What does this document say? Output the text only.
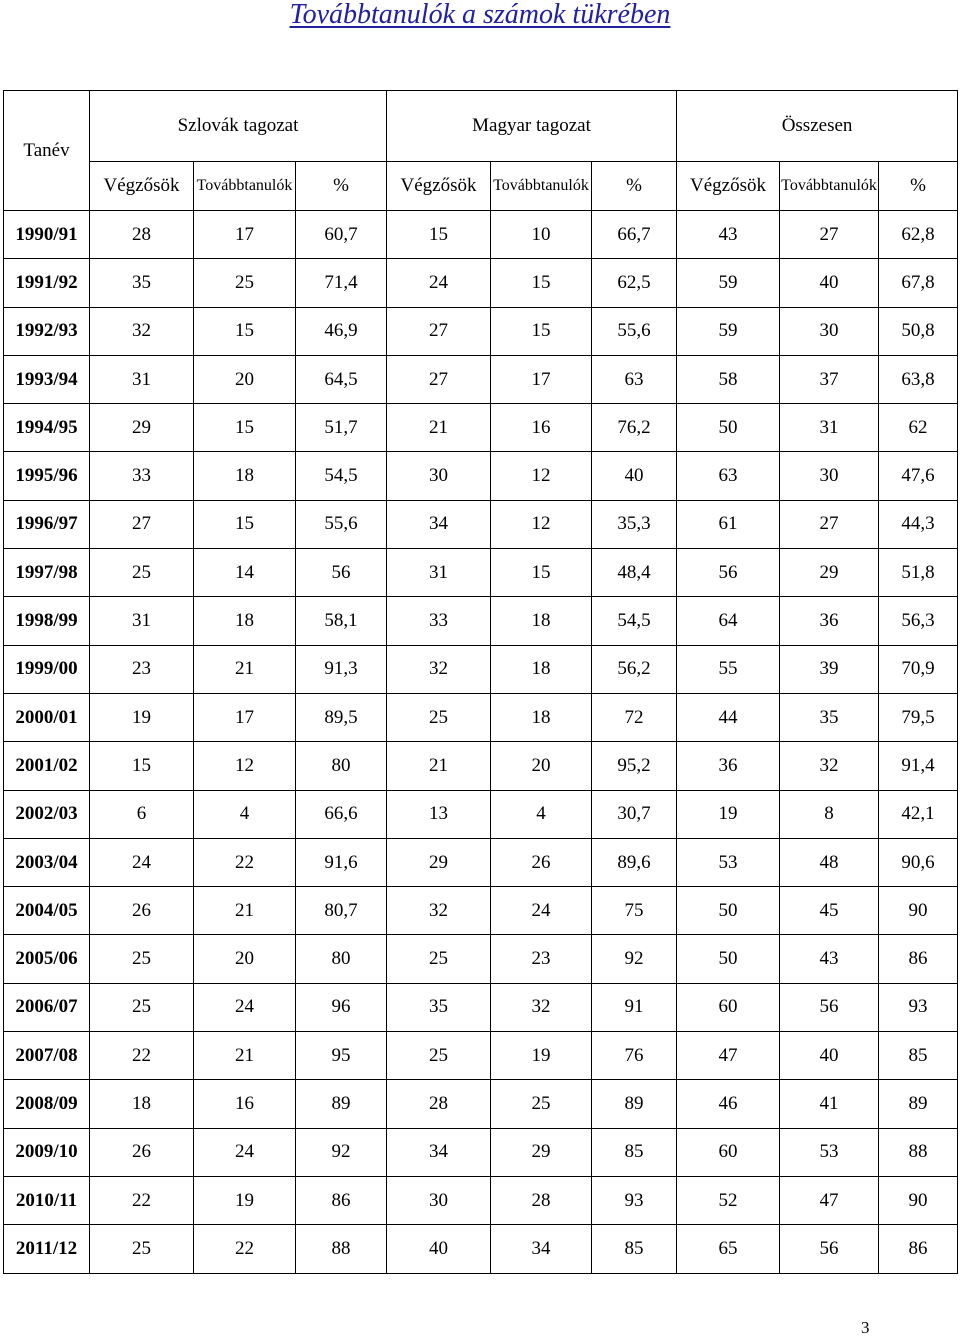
Továbbtanulók a számok tükrében
Tanév	Szlovák tagozat			Magyar tagozat			Összesen		
	Végzősök	Továbbtanulók	%	Végzősök	Továbbtanulók	%	Végzősök	Továbbtanulók	%
1990/91	28	17	60,7	15	10	66,7	43	27	62,8
1991/92	35	25	71,4	24	15	62,5	59	40	67,8
1992/93	32	15	46,9	27	15	55,6	59	30	50,8
1993/94	31	20	64,5	27	17	63	58	37	63,8
1994/95	29	15	51,7	21	16	76,2	50	31	62
1995/96	33	18	54,5	30	12	40	63	30	47,6
1996/97	27	15	55,6	34	12	35,3	61	27	44,3
1997/98	25	14	56	31	15	48,4	56	29	51,8
1998/99	31	18	58,1	33	18	54,5	64	36	56,3
1999/00	23	21	91,3	32	18	56,2	55	39	70,9
2000/01	19	17	89,5	25	18	72	44	35	79,5
2001/02	15	12	80	21	20	95,2	36	32	91,4
2002/03	6	4	66,6	13	4	30,7	19	8	42,1
2003/04	24	22	91,6	29	26	89,6	53	48	90,6
2004/05	26	21	80,7	32	24	75	50	45	90
2005/06	25	20	80	25	23	92	50	43	86
2006/07	25	24	96	35	32	91	60	56	93
2007/08	22	21	95	25	19	76	47	40	85
2008/09	18	16	89	28	25	89	46	41	89
2009/10	26	24	92	34	29	85	60	53	88
2010/11	22	19	86	30	28	93	52	47	90
2011/12	25	22	88	40	34	85	65	56	86
3
